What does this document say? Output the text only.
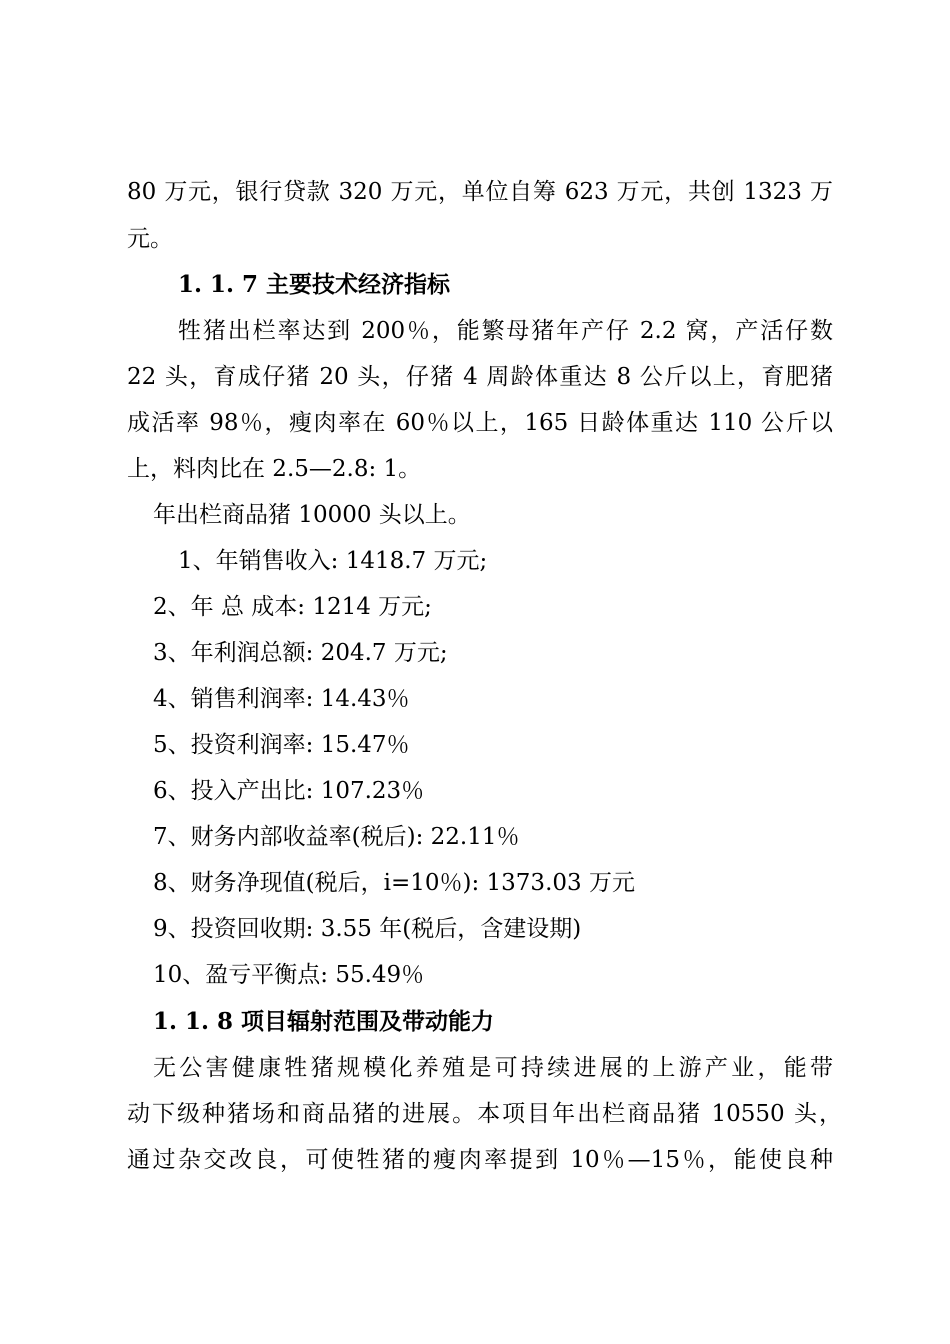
80 万元，银行贷款 320 万元，单位自筹 623 万元，共创 1323 万
元。
1. 1. 7 主要技术经济指标
牲猪出栏率达到 200％，能繁母猪年产仔 2.2 窝，产活仔数
22 头，育成仔猪 20 头，仔猪 4 周龄体重达 8 公斤以上，育肥猪
成活率 98％，瘦肉率在 60％以上，165 日龄体重达 110 公斤以
上，料肉比在 2.5—2.8: 1。
年出栏商品猪 10000 头以上。
1、年销售收入: 1418.7 万元;
2、年 总 成本: 1214 万元;
3、年利润总额: 204.7 万元;
4、销售利润率: 14.43％
5、投资利润率: 15.47％
6、投入产出比: 107.23％
7、财务内部收益率(税后): 22.11％
8、财务净现值(税后，i=10％): 1373.03 万元
9、投资回收期: 3.55 年(税后，含建设期)
10、盈亏平衡点: 55.49％
1. 1. 8 项目辐射范围及带动能力
无公害健康牲猪规模化养殖是可持续进展的上游产业，能带
动下级种猪场和商品猪的进展。本项目年出栏商品猪 10550 头，
通过杂交改良，可使牲猪的瘦肉率提到 10％—15％，能使良种
